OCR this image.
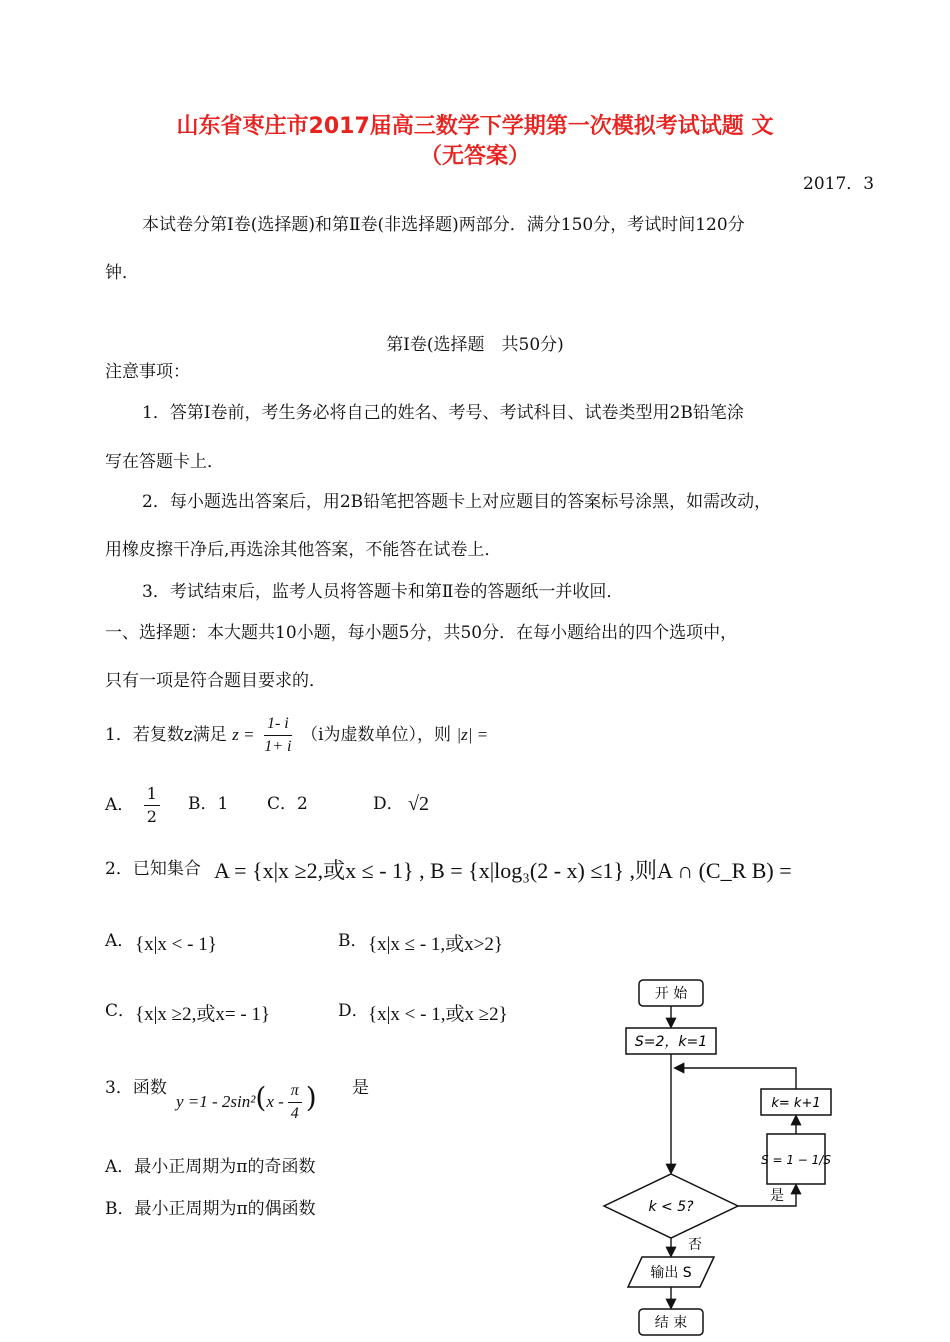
山东省枣庄市2017届高三数学下学期第一次模拟考试试题 文
（无答案）
2017．3
本试卷分第Ⅰ卷(选择题)和第Ⅱ卷(非选择题)两部分．满分150分，考试时间120分
钟．
第Ⅰ卷(选择题　共50分)
注意事项：
1．答第Ⅰ卷前，考生务必将自己的姓名、考号、考试科目、试卷类型用2B铅笔涂
写在答题卡上．
2．每小题选出答案后，用2B铅笔把答题卡上对应题目的答案标号涂黑，如需改动，
用橡皮擦干净后,再选涂其他答案，不能答在试卷上．
3．考试结束后，监考人员将答题卡和第Ⅱ卷的答题纸一并收回．
一、选择题：本大题共10小题，每小题5分，共50分．在每小题给出的四个选项中，
只有一项是符合题目要求的．
1．若复数z满足 $z = \frac{1- i}{1+ i} (i$为虚数单位），则 |z| =
A． $\frac{1}{2}$ B．1 C．2	D． √2
2．已知集合 A = {x|x ≥2,或x ≤ - 1} , B = {x|log₃(2 - x) ≤1} ,则A ∩ (C_R B) =
A． {x|x < - 1}	B． {x|x ≤ - 1,或x>2}
C． {x|x ≥2,或x= - 1}	D． {x|x < - 1,或x ≥2}
3．函数
$y =1 - 2\sin^2(x - \frac{\pi}{4}$ ) 是
A．最小正周期为π的奇函数
B．最小正周期为π的偶函数
开 始
S=2，k=1
k= k+1
S = 1 − 1/S
是
k < 5?
否
输出 S
结 束
